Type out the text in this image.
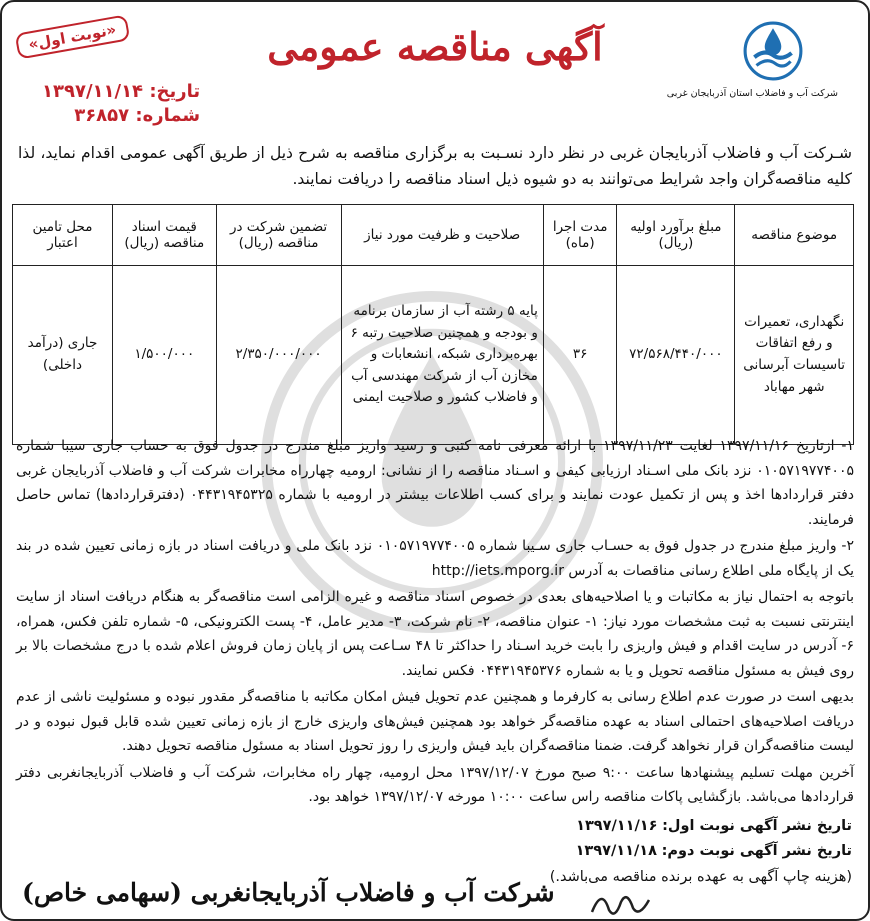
شرکت آب و فاضلاب استان آذربایجان غربی
آگهی مناقصه عمومی
«نوبت اول»
تاریخ: ۱۳۹۷/۱۱/۱۴
شماره: ۳۶۸۵۷
شـرکت آب و فاضلاب آذربایجان غربی در نظر دارد نسـبت به برگزاری مناقصه به شرح ذیل از طریق آگهی عمومی اقدام نماید، لذا کلیه مناقصه‌گران واجد شرایط می‌توانند به دو شیوه ذیل اسناد مناقصه را دریافت نمایند.
موضوع مناقصه	مبلغ برآورد اولیه (ریال)	مدت اجرا (ماه)	صلاحیت و ظرفیت مورد نیاز	تضمین شرکت در مناقصه (ریال)	قیمت اسناد مناقصه (ریال)	محل تامین اعتبار
نگهداری، تعمیرات و رفع اتفاقات تاسیسات آبرسانی شهر مهاباد	۷۲/۵۶۸/۴۴۰/۰۰۰	۳۶	پایه ۵ رشته آب از سازمان برنامه و بودجه و همچنین صلاحیت رتبه ۶ بهره‌برداری شبکه، انشعابات و مخازن آب از شرکت مهندسی آب و فاضلاب کشور و صلاحیت ایمنی	۲/۳۵۰/۰۰۰/۰۰۰	۱/۵۰۰/۰۰۰	جاری (درآمد داخلی)

۱- ازتاریخ ۱۳۹۷/۱۱/۱۶ لغایت ۱۳۹۷/۱۱/۲۳ با ارائه معرفی نامه کتبی و رسید واریز مبلغ مندرج در جدول فوق به حساب جاری سیبا شماره ۰۱۰۵۷۱۹۷۷۴۰۰۵ نزد بانک ملی اسـناد ارزیابی کیفی و اسـناد مناقصه را از نشانی: ارومیه چهارراه مخابرات شرکت آب و فاضلاب آذربایجان غربی دفتر قراردادها اخذ و پس از تکمیل عودت نمایند و برای کسب اطلاعات بیشتر در ارومیه با شماره ۰۴۴۳۱۹۴۵۳۲۵ (دفترقراردادها) تماس حاصل فرمایند.

۲- واریز مبلغ مندرج در جدول فوق به حسـاب جاری سـیبا شماره ۰۱۰۵۷۱۹۷۷۴۰۰۵ نزد بانک ملی و دریافت اسناد در بازه زمانی تعیین شده در بند یک از پایگاه ملی اطلاع رسانی مناقصات به آدرس http://iets.mporg.ir

باتوجه به احتمال نیاز به مکاتبات و یا اصلاحیه‌های بعدی در خصوص اسناد مناقصه و غیره الزامی است مناقصه‌گر به هنگام دریافت اسناد از سایت اینترنتی نسبت به ثبت مشخصات مورد نیاز: ۱- عنوان مناقصه، ۲- نام شرکت، ۳- مدیر عامل، ۴- پست الکترونیکی، ۵- شماره تلفن فکس، همراه، ۶- آدرس در سایت اقدام و فیش واریزی را بابت خرید اسـناد را حداکثر تا ۴۸ سـاعت پس از پایان زمان فروش اعلام شده با درج مشخصات بالا بر روی فیش به مسئول مناقصه تحویل و یا به شماره ۰۴۴۳۱۹۴۵۳۷۶ فکس نمایند.

بدیهی است در صورت عدم اطلاع رسانی به کارفرما و همچنین عدم تحویل فیش امکان مکاتبه با مناقصه‌گر مقدور نبوده و مسئولیت ناشی از عدم دریافت اصلاحیه‌های احتمالی اسناد به عهده مناقصه‌گر خواهد بود همچنین فیش‌های واریزی خارج از بازه زمانی تعیین شده قابل قبول نبوده و در لیست مناقصه‌گران قرار نخواهد گرفت. ضمنا مناقصه‌گران باید فیش واریزی را روز تحویل اسناد به مسئول مناقصه تحویل دهند.

آخرین مهلت تسلیم پیشنهادها ساعت ۹:۰۰ صبح مورخ ۱۳۹۷/۱۲/۰۷ محل ارومیه، چهار راه مخابرات، شرکت آب و فاضلاب آذربایجانغربی دفتر قراردادها می‌باشد. بازگشایی پاکات مناقصه راس ساعت ۱۰:۰۰ مورخه ۱۳۹۷/۱۲/۰۷ خواهد بود.

تاریخ نشر آگهی نوبت اول: ۱۳۹۷/۱۱/۱۶
تاریخ نشر آگهی نوبت دوم: ۱۳۹۷/۱۱/۱۸
(هزینه چاپ آگهی به عهده برنده مناقصه می‌باشد.)
شرکت آب و فاضلاب آذربایجانغربی (سهامی خاص)
